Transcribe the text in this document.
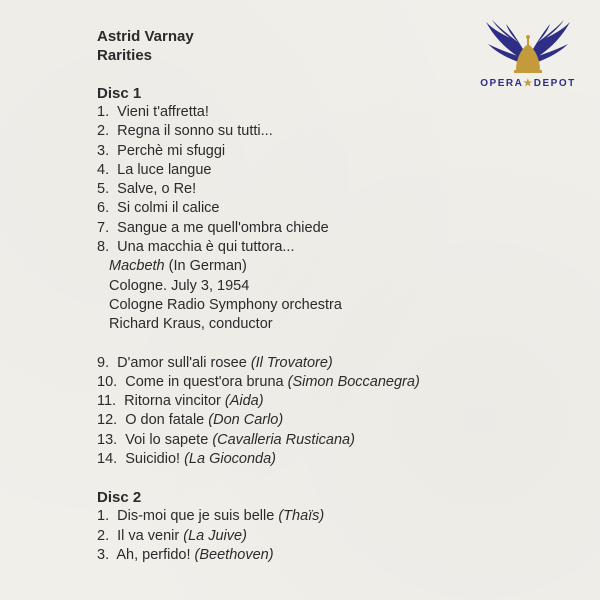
OPERA★DEPOT
Astrid Varnay
Rarities
Disc 1
1. Vieni t'affretta!
2. Regna il sonno su tutti...
3. Perchè mi sfuggi
4. La luce langue
5. Salve, o Re!
6. Si colmi il calice
7. Sangue a me quell'ombra chiede
8. Una macchia è qui tuttora...
Macbeth (In German)
Cologne. July 3, 1954
Cologne Radio Symphony orchestra
Richard Kraus, conductor
9. D'amor sull'ali rosee (Il Trovatore)
10. Come in quest'ora bruna (Simon Boccanegra)
11. Ritorna vincitor (Aida)
12. O don fatale (Don Carlo)
13. Voi lo sapete (Cavalleria Rusticana)
14. Suicidio! (La Gioconda)
Disc 2
1. Dis-moi que je suis belle (Thaïs)
2. Il va venir (La Juive)
3. Ah, perfido! (Beethoven)
